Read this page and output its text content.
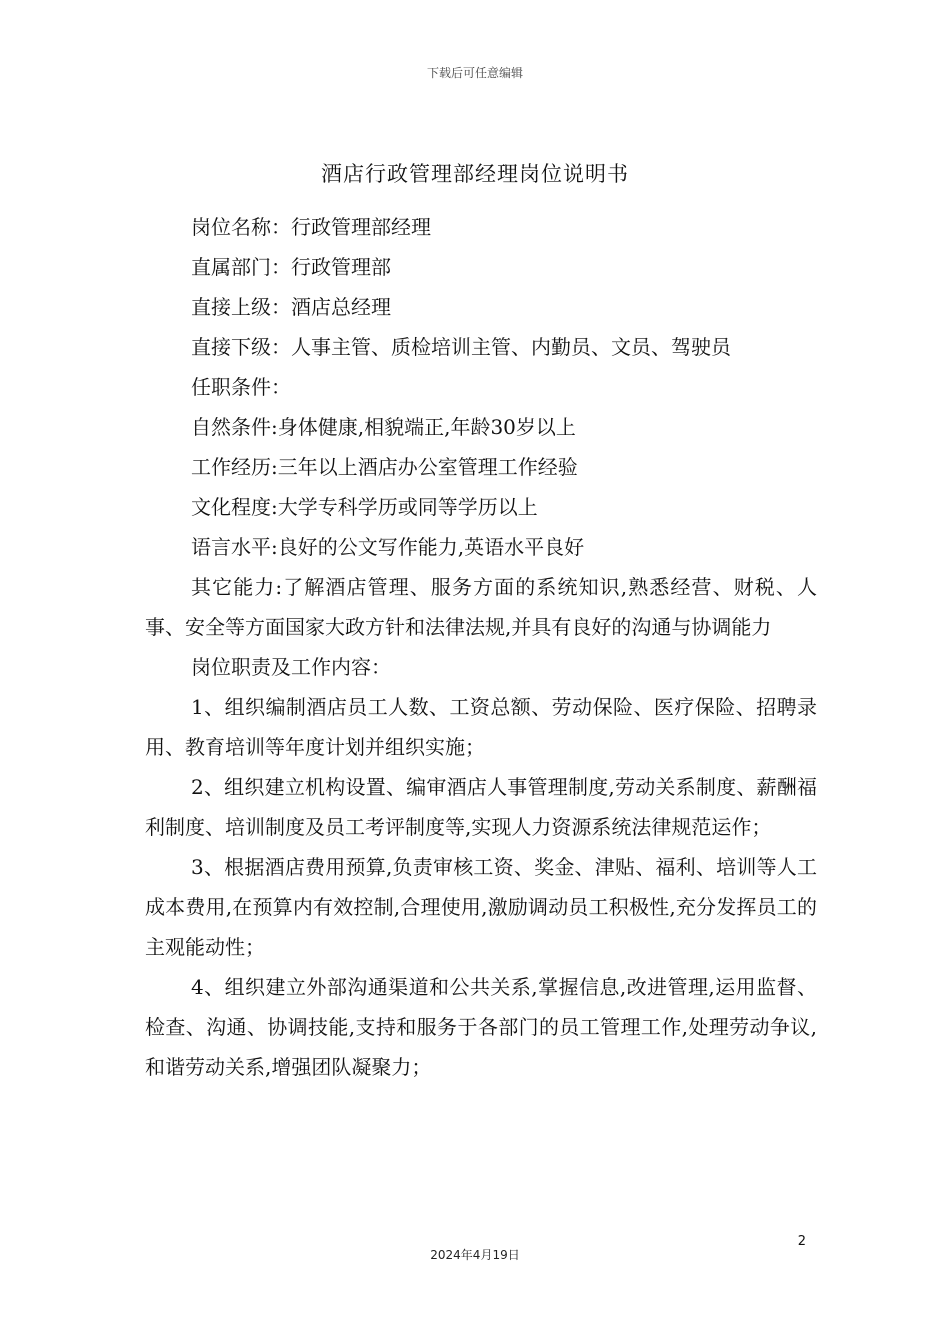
下载后可任意编辑
酒店行政管理部经理岗位说明书

岗位名称：行政管理部经理

直属部门：行政管理部

直接上级：酒店总经理

直接下级：人事主管、质检培训主管、内勤员、文员、驾驶员

任职条件：

自然条件:身体健康,相貌端正,年龄30岁以上

工作经历:三年以上酒店办公室管理工作经验

文化程度:大学专科学历或同等学历以上

语言水平:良好的公文写作能力,英语水平良好

其它能力:了解酒店管理、服务方面的系统知识,熟悉经营、财税、人事、安全等方面国家大政方针和法律法规,并具有良好的沟通与协调能力

岗位职责及工作内容：

1、组织编制酒店员工人数、工资总额、劳动保险、医疗保险、招聘录用、教育培训等年度计划并组织实施；

2、组织建立机构设置、编审酒店人事管理制度,劳动关系制度、薪酬福利制度、培训制度及员工考评制度等,实现人力资源系统法律规范运作；

3、根据酒店费用预算,负责审核工资、奖金、津贴、福利、培训等人工成本费用,在预算内有效控制,合理使用,激励调动员工积极性,充分发挥员工的主观能动性；

4、组织建立外部沟通渠道和公共关系,掌握信息,改进管理,运用监督、检查、沟通、协调技能,支持和服务于各部门的员工管理工作,处理劳动争议,和谐劳动关系,增强团队凝聚力；

2
2024年4月19日
